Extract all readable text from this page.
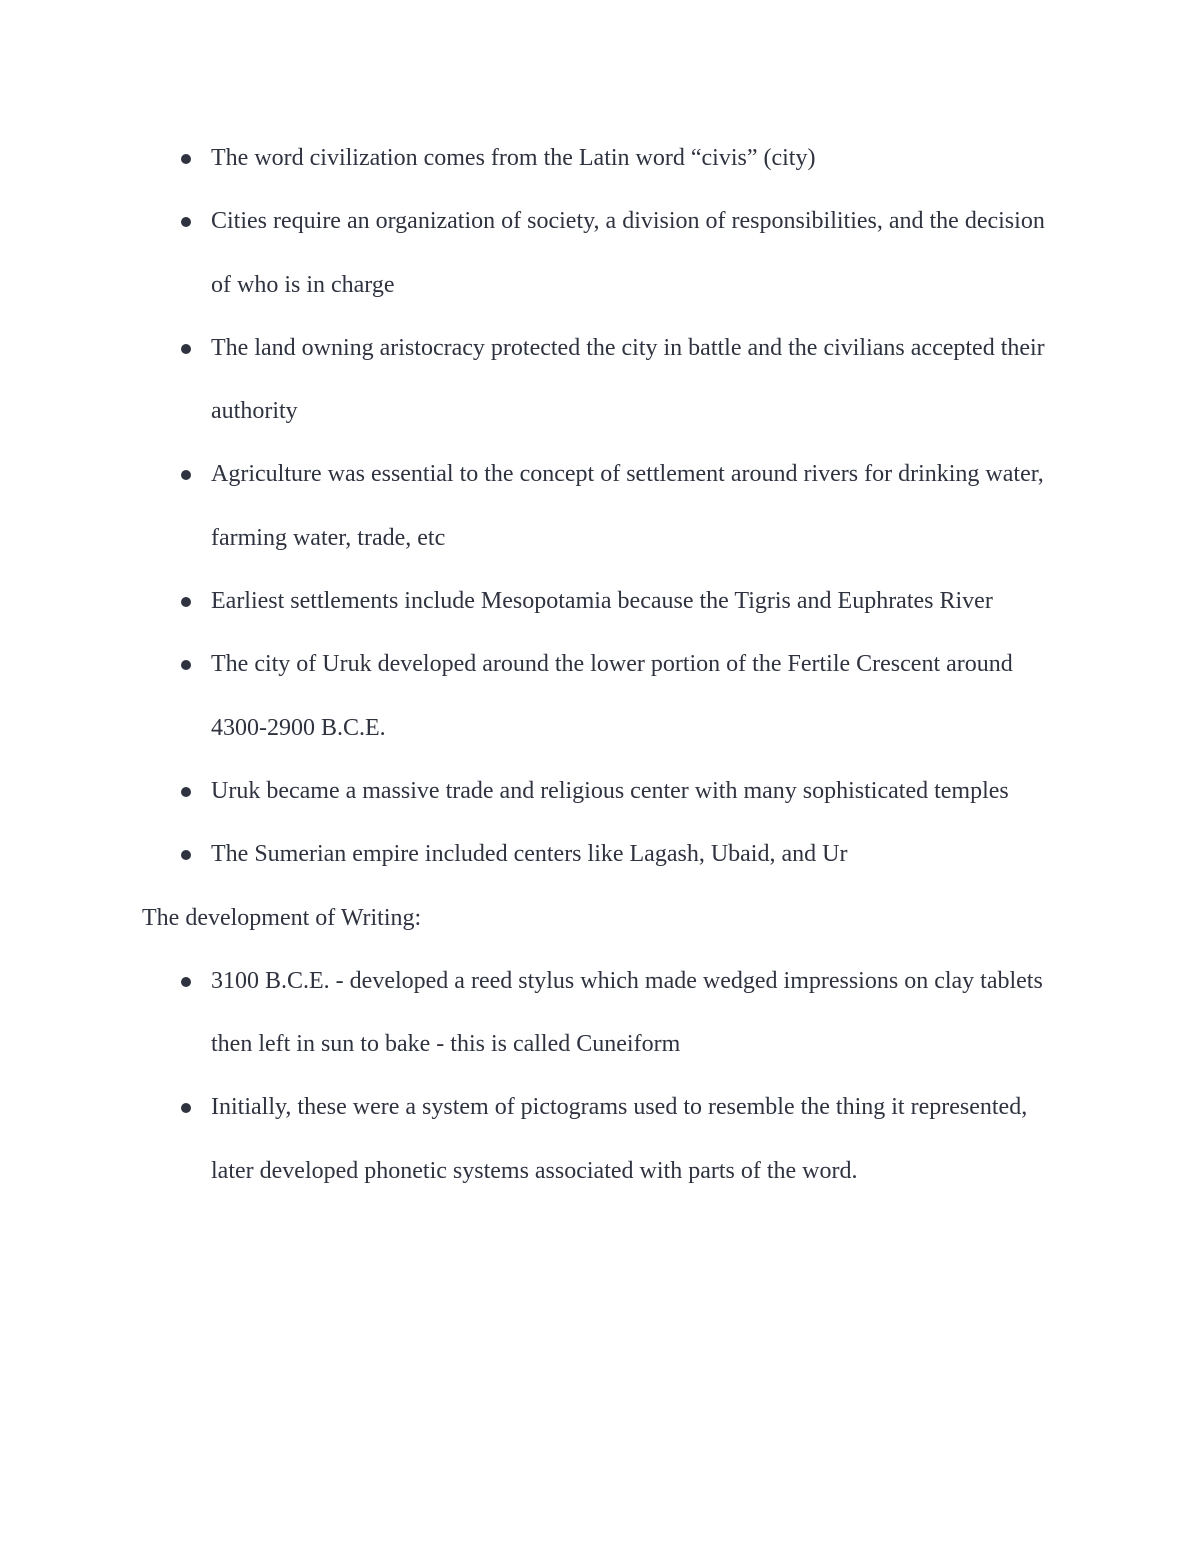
The word civilization comes from the Latin word “civis” (city)
Cities require an organization of society, a division of responsibilities, and the decision of who is in charge
The land owning aristocracy protected the city in battle and the civilians accepted their authority
Agriculture was essential to the concept of settlement around rivers for drinking water, farming water, trade, etc
Earliest settlements include Mesopotamia because the Tigris and Euphrates River
The city of Uruk developed around the lower portion of the Fertile Crescent around 4300-2900 B.C.E.
Uruk became a massive trade and religious center with many sophisticated temples
The Sumerian empire included centers like Lagash, Ubaid, and Ur

The development of Writing:

3100 B.C.E. - developed a reed stylus which made wedged impressions on clay tablets then left in sun to bake - this is called Cuneiform
Initially, these were a system of pictograms used to resemble the thing it represented, later developed phonetic systems associated with parts of the word.
